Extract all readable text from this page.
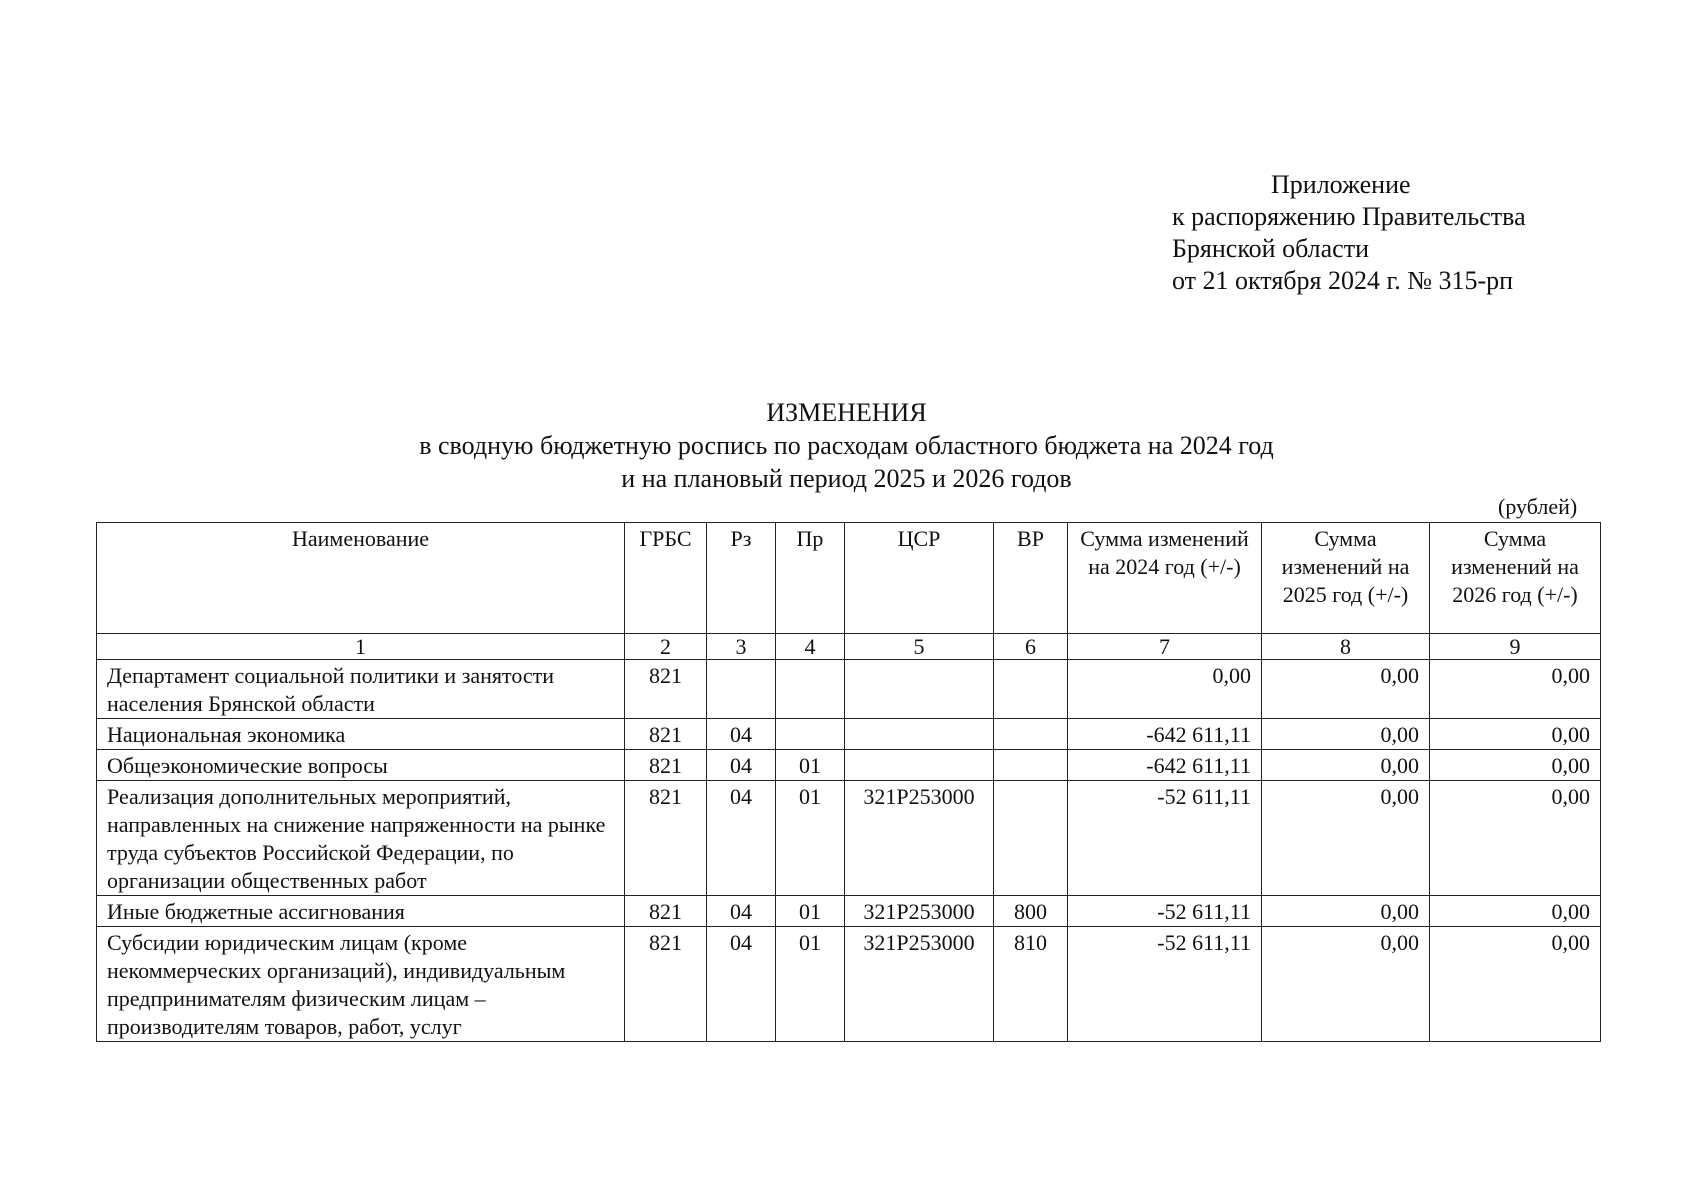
Приложение
к распоряжению Правительства
Брянской области
от 21 октября 2024 г. № 315-рп
ИЗМЕНЕНИЯ
в сводную бюджетную роспись по расходам областного бюджета на 2024 год
и на плановый период 2025 и 2026 годов
(рублей)
Наименование	ГРБС	Рз	Пр	ЦСР	ВР	Сумма изменений на 2024 год (+/-)	Сумма изменений на 2025 год (+/-)	Сумма изменений на 2026 год (+/-)
1	2	3	4	5	6	7	8	9
Департамент социальной политики и занятости населения Брянской области	821					0,00	0,00	0,00
Национальная экономика	821	04				-642 611,11	0,00	0,00
Общеэкономические вопросы	821	04	01			-642 611,11	0,00	0,00
Реализация дополнительных мероприятий, направленных на снижение напряженности на рынке труда субъектов Российской Федерации, по организации общественных работ	821	04	01	321P253000		-52 611,11	0,00	0,00
Иные бюджетные ассигнования	821	04	01	321P253000	800	-52 611,11	0,00	0,00
Субсидии юридическим лицам (кроме некоммерческих организаций), индивидуальным предпринимателям физическим лицам – производителям товаров, работ, услуг	821	04	01	321P253000	810	-52 611,11	0,00	0,00
